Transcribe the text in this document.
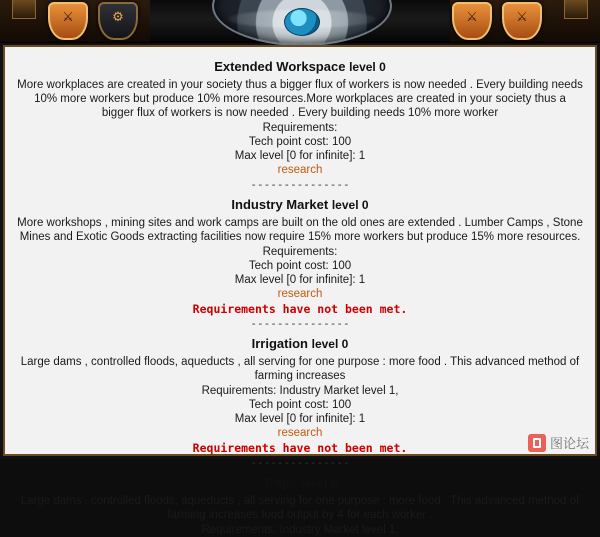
⚔	⚙	⚔	⚔
Extended Workspace level 0
More workplaces are created in your society thus a bigger flux of workers is now needed . Every building needs 10% more workers but produce 10% more resources.More workplaces are created in your society thus a bigger flux of workers is now needed . Every building needs 10% more worker
Requirements:
Tech point cost: 100
Max level [0 for infinite]: 1
research
---------------
Industry Market level 0
More workshops , mining sites and work camps are built on the old ones are extended . Lumber Camps , Stone Mines and Exotic Goods extracting facilities now require 15% more workers but produce 15% more resources.
Requirements:
Tech point cost: 100
Max level [0 for infinite]: 1
research
Requirements have not been met.
---------------
Irrigation level 0
Large dams , controlled floods, aqueducts , all serving for one purpose : more food . This advanced method of farming increases
Requirements: Industry Market level 1,
Tech point cost: 100
Max level [0 for infinite]: 1
research
Requirements have not been met.
---------------
Traps level 0
Large dams , controlled floods, aqueducts , all serving for one purpose : more food . This advanced method of farming increases food output by 4 for each worker .
Requirements: Industry Market level 1,
图论坛
